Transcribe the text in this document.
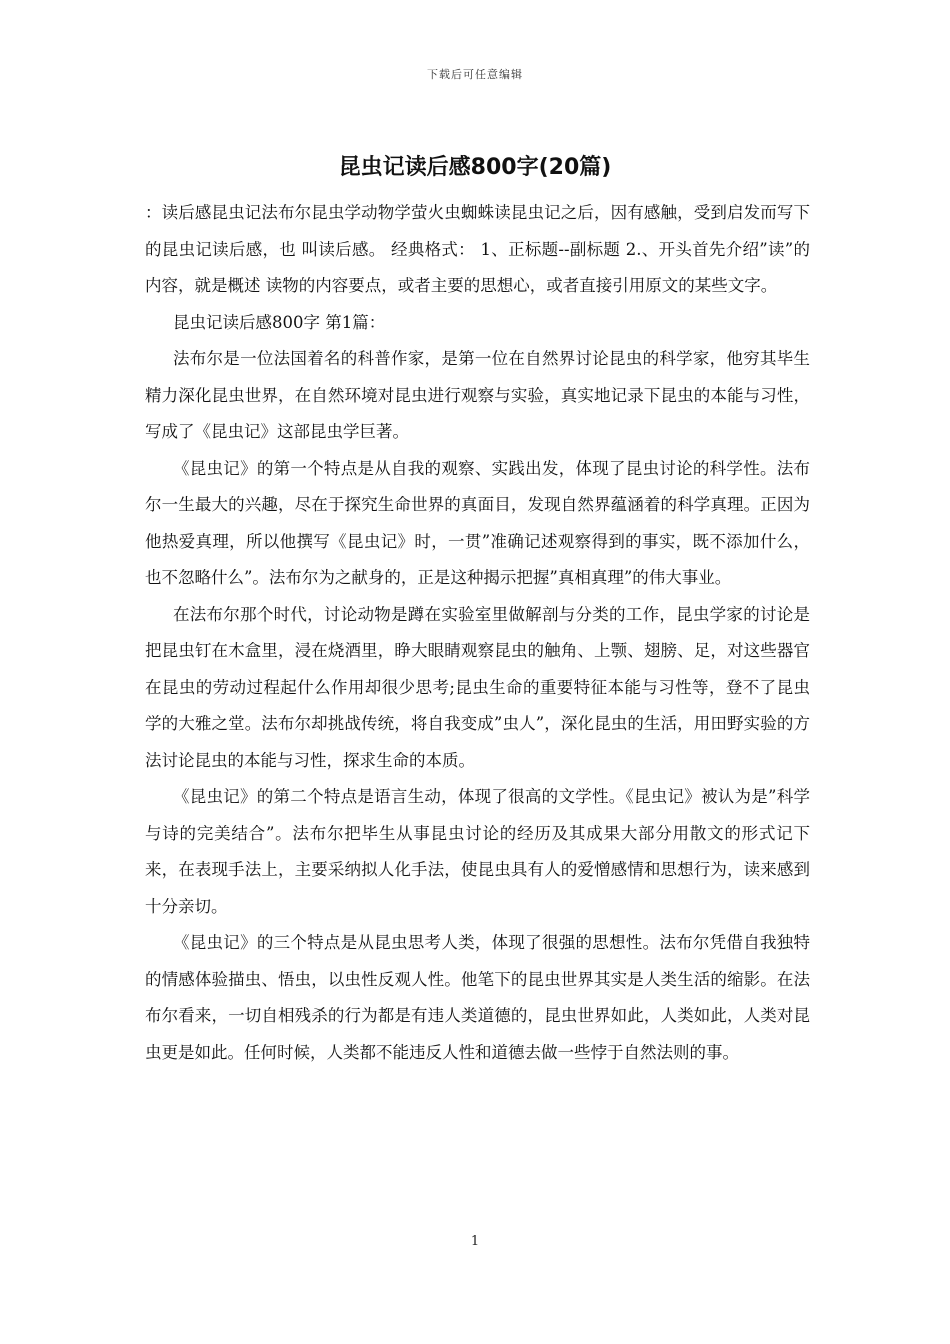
下载后可任意编辑
昆虫记读后感800字(20篇)

：读后感昆虫记法布尔昆虫学动物学萤火虫蜘蛛读昆虫记之后，因有感触，受到启发而写下的昆虫记读后感，也 叫读后感。 经典格式： 1、正标题--副标题 2.、开头首先介绍”读”的内容，就是概述 读物的内容要点，或者主要的思想心，或者直接引用原文的某些文字。

昆虫记读后感800字 第1篇：

法布尔是一位法国着名的科普作家，是第一位在自然界讨论昆虫的科学家，他穷其毕生精力深化昆虫世界，在自然环境对昆虫进行观察与实验，真实地记录下昆虫的本能与习性，写成了《昆虫记》这部昆虫学巨著。

《昆虫记》的第一个特点是从自我的观察、实践出发，体现了昆虫讨论的科学性。法布尔一生最大的兴趣，尽在于探究生命世界的真面目，发现自然界蕴涵着的科学真理。正因为他热爱真理，所以他撰写《昆虫记》时，一贯”准确记述观察得到的事实，既不添加什么，也不忽略什么”。法布尔为之献身的，正是这种揭示把握”真相真理”的伟大事业。

在法布尔那个时代，讨论动物是蹲在实验室里做解剖与分类的工作，昆虫学家的讨论是把昆虫钉在木盒里，浸在烧酒里，睁大眼睛观察昆虫的触角、上颚、翅膀、足，对这些器官在昆虫的劳动过程起什么作用却很少思考;昆虫生命的重要特征本能与习性等，登不了昆虫学的大雅之堂。法布尔却挑战传统，将自我变成”虫人”，深化昆虫的生活，用田野实验的方法讨论昆虫的本能与习性，探求生命的本质。

《昆虫记》的第二个特点是语言生动，体现了很高的文学性。《昆虫记》被认为是”科学与诗的完美结合”。法布尔把毕生从事昆虫讨论的经历及其成果大部分用散文的形式记下来，在表现手法上，主要采纳拟人化手法，使昆虫具有人的爱憎感情和思想行为，读来感到十分亲切。

《昆虫记》的三个特点是从昆虫思考人类，体现了很强的思想性。法布尔凭借自我独特的情感体验描虫、悟虫，以虫性反观人性。他笔下的昆虫世界其实是人类生活的缩影。在法布尔看来，一切自相残杀的行为都是有违人类道德的，昆虫世界如此，人类如此，人类对昆虫更是如此。任何时候，人类都不能违反人性和道德去做一些悖于自然法则的事。

1
